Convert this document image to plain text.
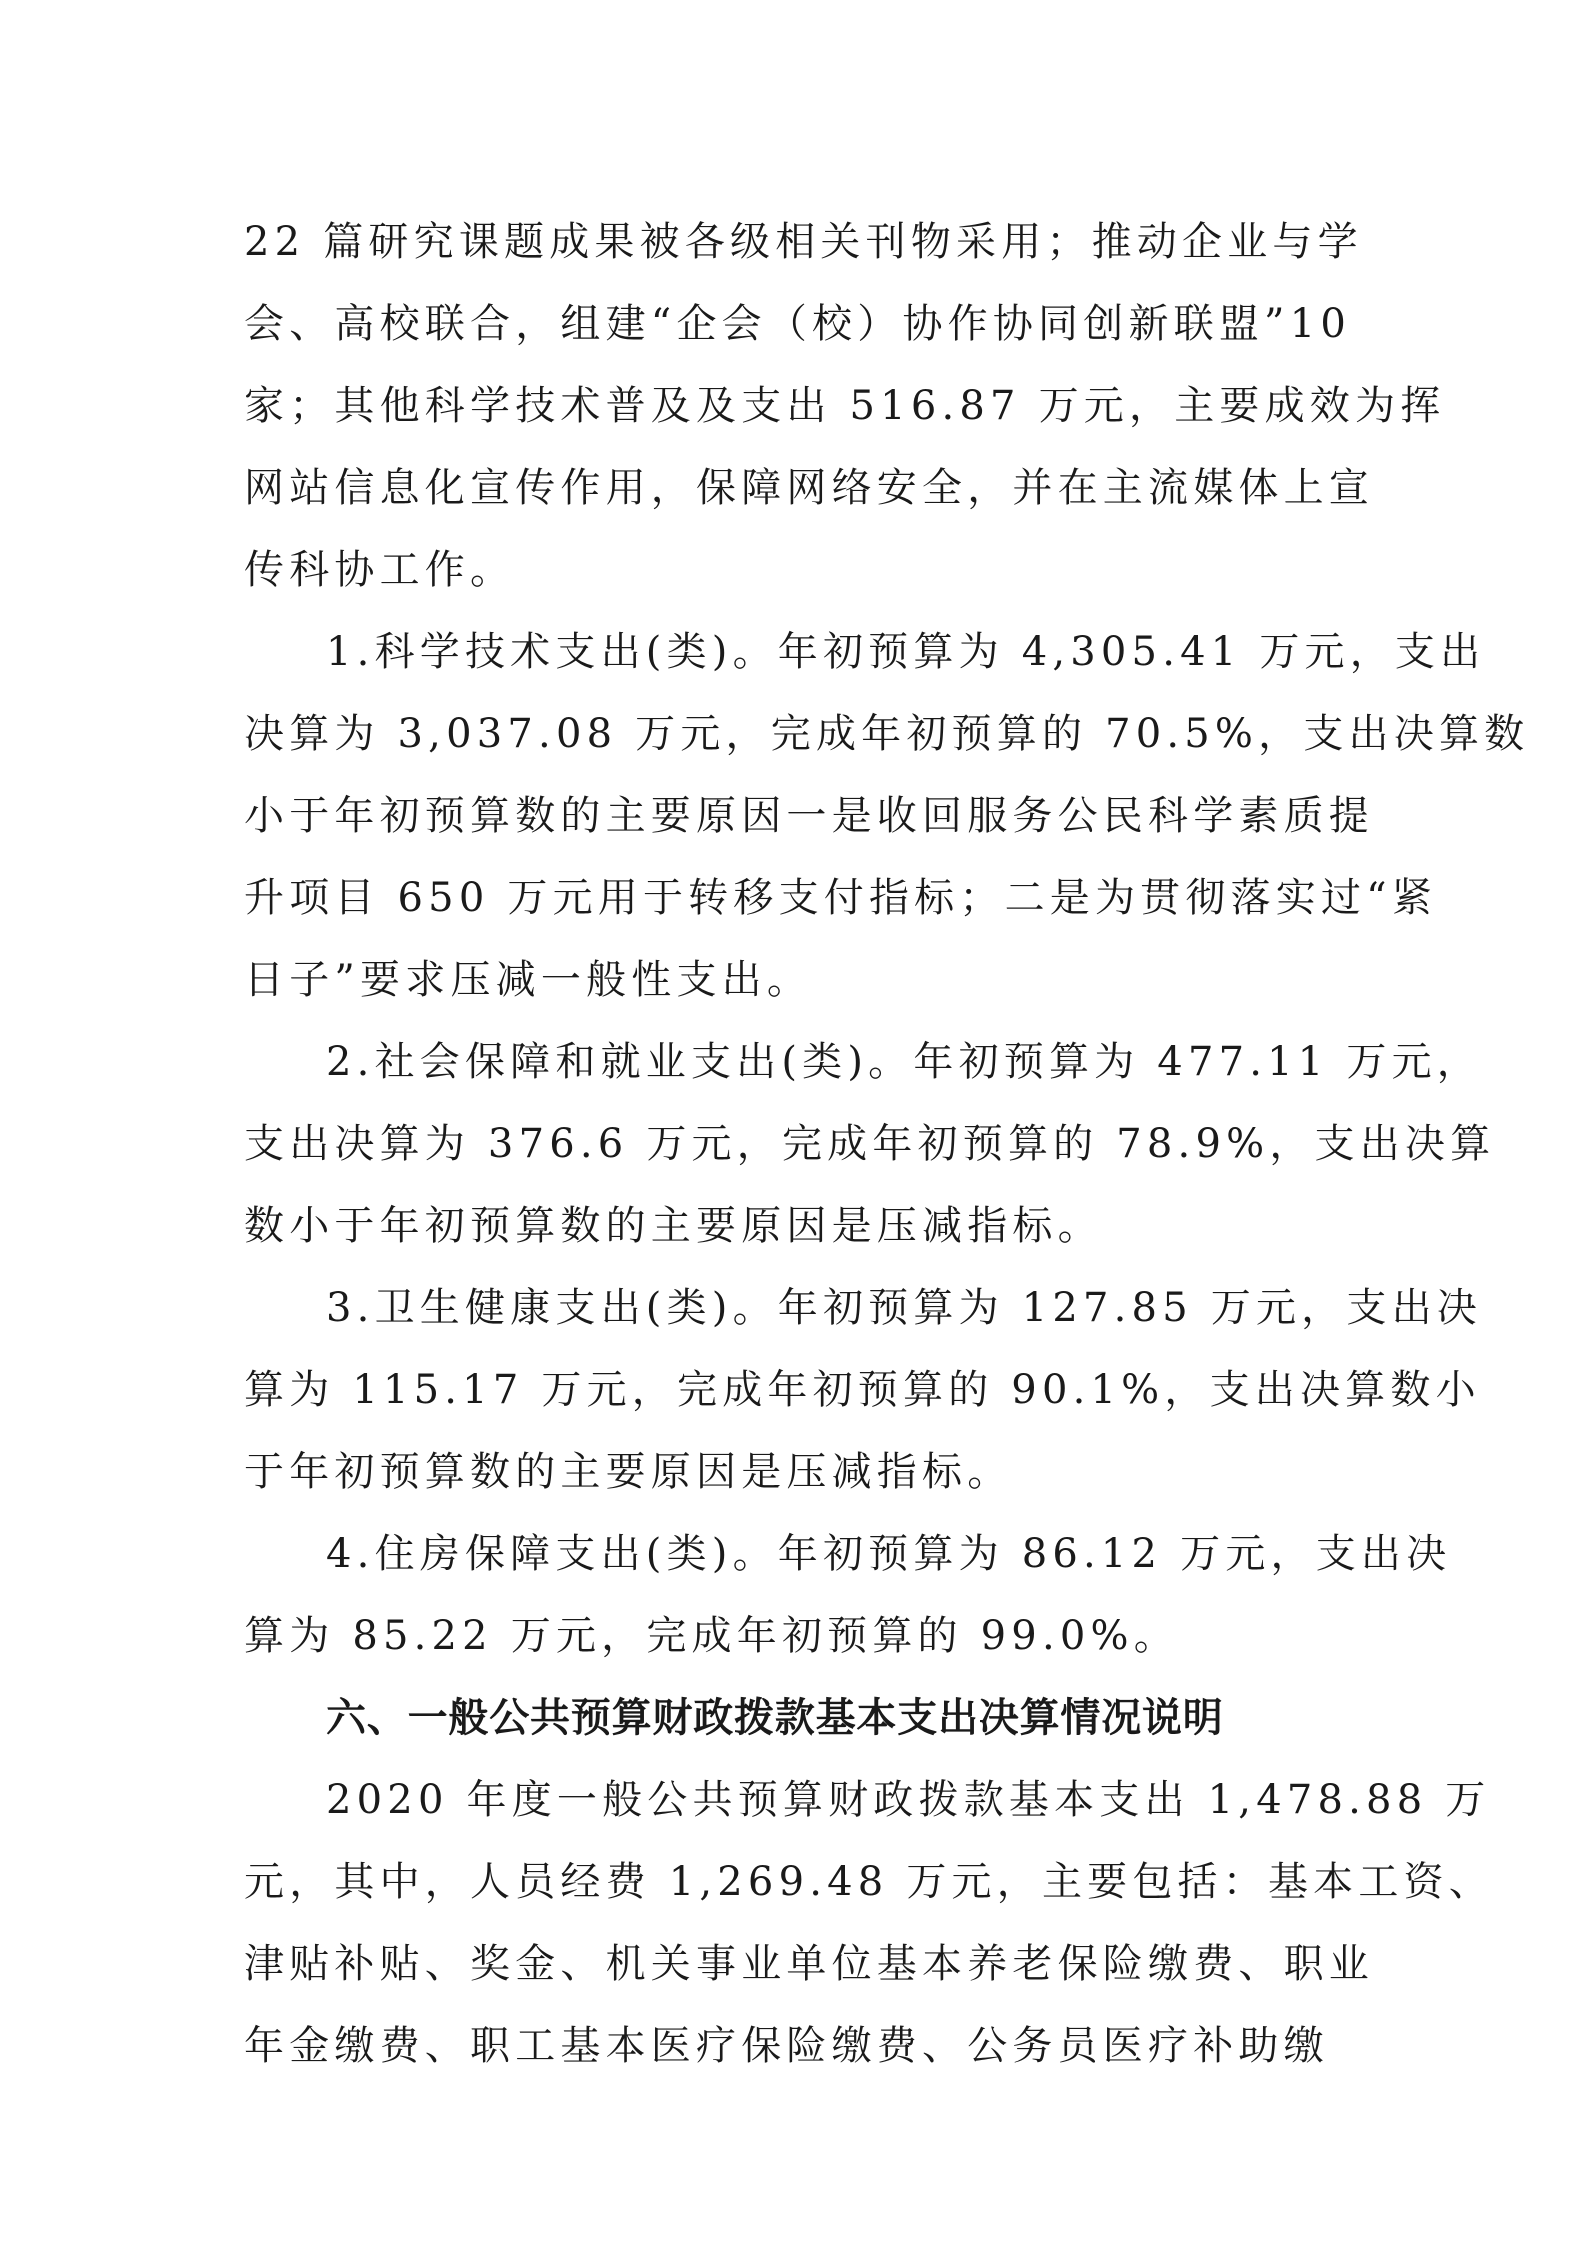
22 篇研究课题成果被各级相关刊物采用；推动企业与学
会、高校联合，组建“企会（校）协作协同创新联盟”10
家；其他科学技术普及及支出 516.87 万元，主要成效为挥
网站信息化宣传作用，保障网络安全，并在主流媒体上宣
传科协工作。
1.科学技术支出(类)。年初预算为 4,305.41 万元，支出
决算为 3,037.08 万元，完成年初预算的 70.5%，支出决算数
小于年初预算数的主要原因一是收回服务公民科学素质提
升项目 650 万元用于转移支付指标；二是为贯彻落实过“紧
日子”要求压减一般性支出。
2.社会保障和就业支出(类)。年初预算为 477.11 万元，
支出决算为 376.6 万元，完成年初预算的 78.9%，支出决算
数小于年初预算数的主要原因是压减指标。
3.卫生健康支出(类)。年初预算为 127.85 万元，支出决
算为 115.17 万元，完成年初预算的 90.1%，支出决算数小
于年初预算数的主要原因是压减指标。
4.住房保障支出(类)。年初预算为 86.12 万元，支出决
算为 85.22 万元，完成年初预算的 99.0%。
六、一般公共预算财政拨款基本支出决算情况说明
2020 年度一般公共预算财政拨款基本支出 1,478.88 万
元，其中，人员经费 1,269.48 万元，主要包括：基本工资、
津贴补贴、奖金、机关事业单位基本养老保险缴费、职业
年金缴费、职工基本医疗保险缴费、公务员医疗补助缴
